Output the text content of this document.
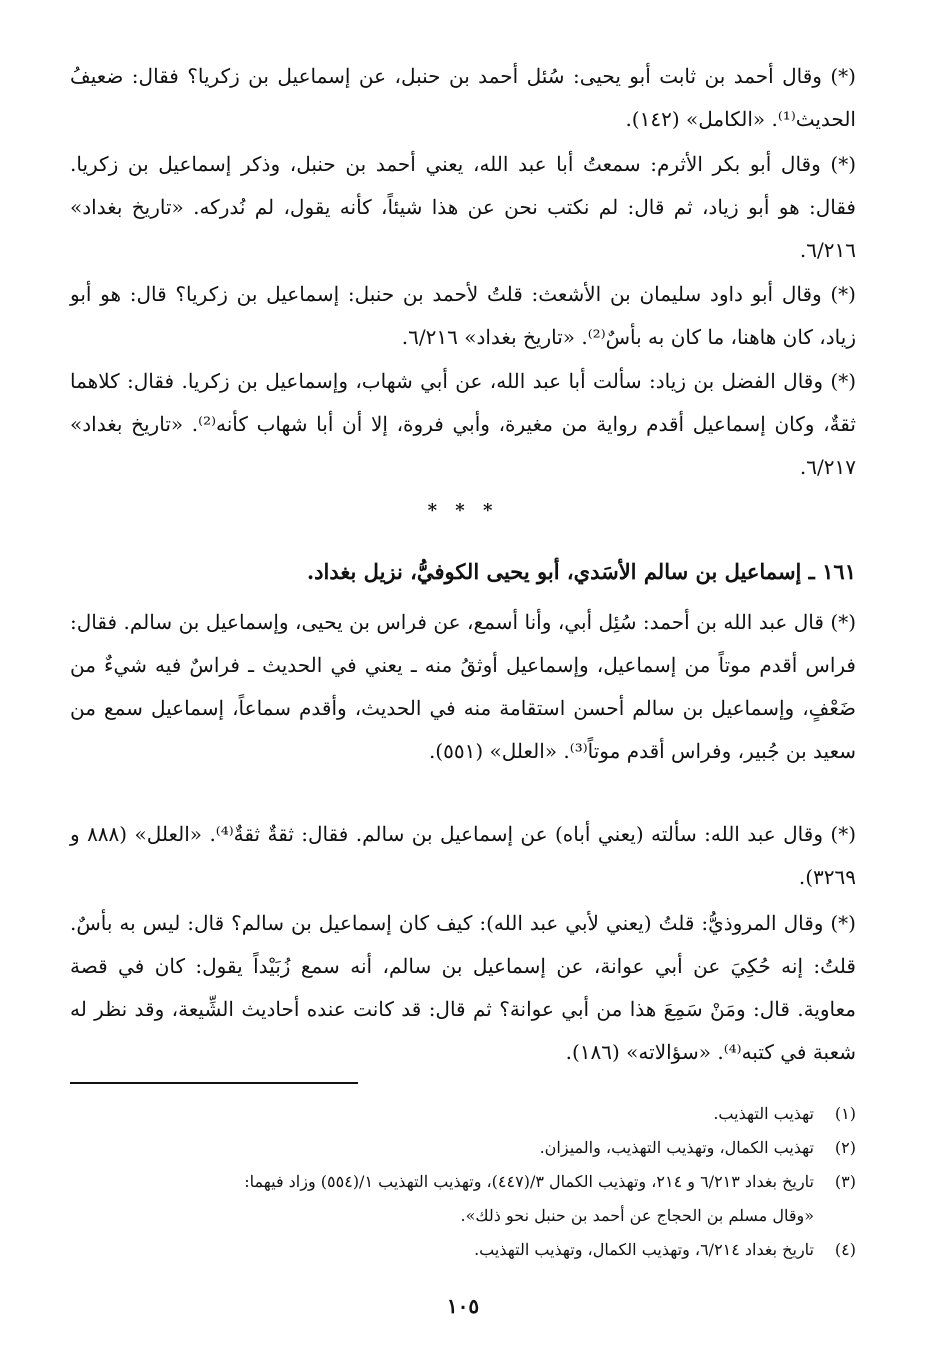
(*) وقال أحمد بن ثابت أبو يحيى: سُئل أحمد بن حنبل، عن إسماعيل بن زكريا؟ فقال: ضعيفُ الحديث⁽¹⁾. «الكامل» (١٤٢).

(*) وقال أبو بكر الأثرم: سمعتُ أبا عبد الله، يعني أحمد بن حنبل، وذكر إسماعيل بن زكريا. فقال: هو أبو زياد، ثم قال: لم نكتب نحن عن هذا شيئاً، كأنه يقول، لم نُدركه. «تاريخ بغداد» ٦/٢١٦.

(*) وقال أبو داود سليمان بن الأشعث: قلتُ لأحمد بن حنبل: إسماعيل بن زكريا؟ قال: هو أبو زياد، كان هاهنا، ما كان به بأسٌ⁽²⁾. «تاريخ بغداد» ٦/٢١٦.

(*) وقال الفضل بن زياد: سألت أبا عبد الله، عن أبي شهاب، وإسماعيل بن زكريا. فقال: كلاهما ثقةٌ، وكان إسماعيل أقدم رواية من مغيرة، وأبي فروة، إلا أن أبا شهاب كأنه⁽²⁾. «تاريخ بغداد» ٦/٢١٧.

* * *
١٦١ ـ إسماعيل بن سالم الأسَدي، أبو يحيى الكوفيُّ، نزيل بغداد.

(*) قال عبد الله بن أحمد: سُئِل أبي، وأنا أسمع، عن فراس بن يحيى، وإسماعيل بن سالم. فقال: فراس أقدم موتاً من إسماعيل، وإسماعيل أوثقُ منه ـ يعني في الحديث ـ فراسٌ فيه شيءٌ من ضَعْفٍ، وإسماعيل بن سالم أحسن استقامة منه في الحديث، وأقدم سماعاً، إسماعيل سمع من سعيد بن جُبير، وفراس أقدم موتاً⁽³⁾. «العلل» (٥٥١).

(*) وقال عبد الله: سألته (يعني أباه) عن إسماعيل بن سالم. فقال: ثقةٌ ثقةٌ⁽⁴⁾. «العلل» (٨٨٨ و ٣٢٦٩).

(*) وقال المروذيُّ: قلتُ (يعني لأبي عبد الله): كيف كان إسماعيل بن سالم؟ قال: ليس به بأسٌ. قلتُ: إنه حُكِيَ عن أبي عوانة، عن إسماعيل بن سالم، أنه سمع زُبَيْداً يقول: كان في قصة معاوية. قال: ومَنْ سَمِعَ هذا من أبي عوانة؟ ثم قال: قد كانت عنده أحاديث الشِّيعة، وقد نظر له شعبة في كتبه⁽⁴⁾. «سؤالاته» (١٨٦).

(١)تهذيب التهذيب.

(٢)تهذيب الكمال، وتهذيب التهذيب، والميزان.

(٣)تاريخ بغداد ٦/٢١٣ و ٢١٤، وتهذيب الكمال ٣/(٤٤٧)، وتهذيب التهذيب ١/(٥٥٤) وزاد فيهما:

«وقال مسلم بن الحجاج عن أحمد بن حنبل نحو ذلك».

(٤)تاريخ بغداد ٦/٢١٤، وتهذيب الكمال، وتهذيب التهذيب.

١٠٥
